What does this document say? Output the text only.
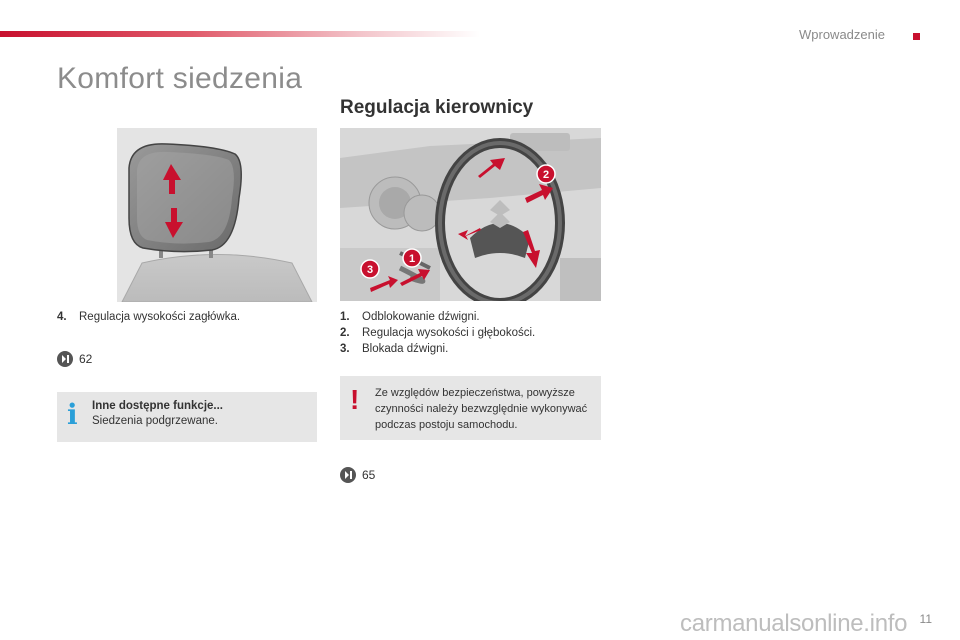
Wprowadzenie
Komfort siedzenia
Regulacja kierownicy
4. Regulacja wysokości zagłówka.
62
i Inne dostępne funkcje...
Siedzenia podgrzewane.
2
1
3
1. Odblokowanie dźwigni.
2. Regulacja wysokości i głębokości.
3. Blokada dźwigni.
! Ze względów bezpieczeństwa, powyższe czynności należy bezwzględnie wykonywać podczas postoju samochodu.
65
carmanualsonline.info 11
